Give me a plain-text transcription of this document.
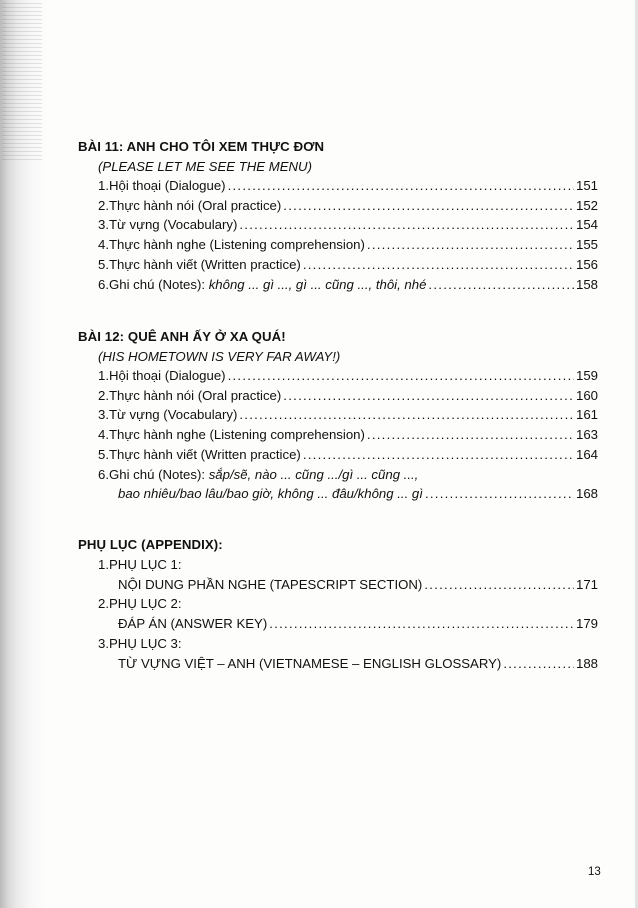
BÀI 11: ANH CHO TÔI XEM THỰC ĐƠN
(PLEASE LET ME SEE THE MENU)
1. Hội thoại (Dialogue) . . .	151
2. Thực hành nói (Oral practice) . . .	152
3. Từ vựng (Vocabulary) . . .	154
4. Thực hành nghe (Listening comprehension) . . .	155
5. Thực hành viết (Written practice) . . .	156
6. Ghi chú (Notes): không ... gì ..., gì ... cũng ..., thôi, nhé . . .	158
BÀI 12: QUÊ ANH ẤY Ở XA QUÁ!
(HIS HOMETOWN IS VERY FAR AWAY!)
1. Hội thoại (Dialogue) . . .	159
2. Thực hành nói (Oral practice) . . .	160
3. Từ vựng (Vocabulary) . . .	161
4. Thực hành nghe (Listening comprehension) . . .	163
5. Thực hành viết (Written practice) . . .	164
6. Ghi chú (Notes): sắp/sẽ, nào ... cũng .../gì ... cũng ...,
bao nhiêu/bao lâu/bao giờ, không ... đâu/không ... gì . . .	168
PHỤ LỤC (APPENDIX):
1. PHỤ LỤC 1:
NỘI DUNG PHẦN NGHE (TAPESCRIPT SECTION) . . .	171
2. PHỤ LỤC 2:
ĐÁP ÁN (ANSWER KEY) . . .	179
3. PHỤ LỤC 3:
TỪ VỰNG VIỆT – ANH (VIETNAMESE – ENGLISH GLOSSARY) . . .	188
13
